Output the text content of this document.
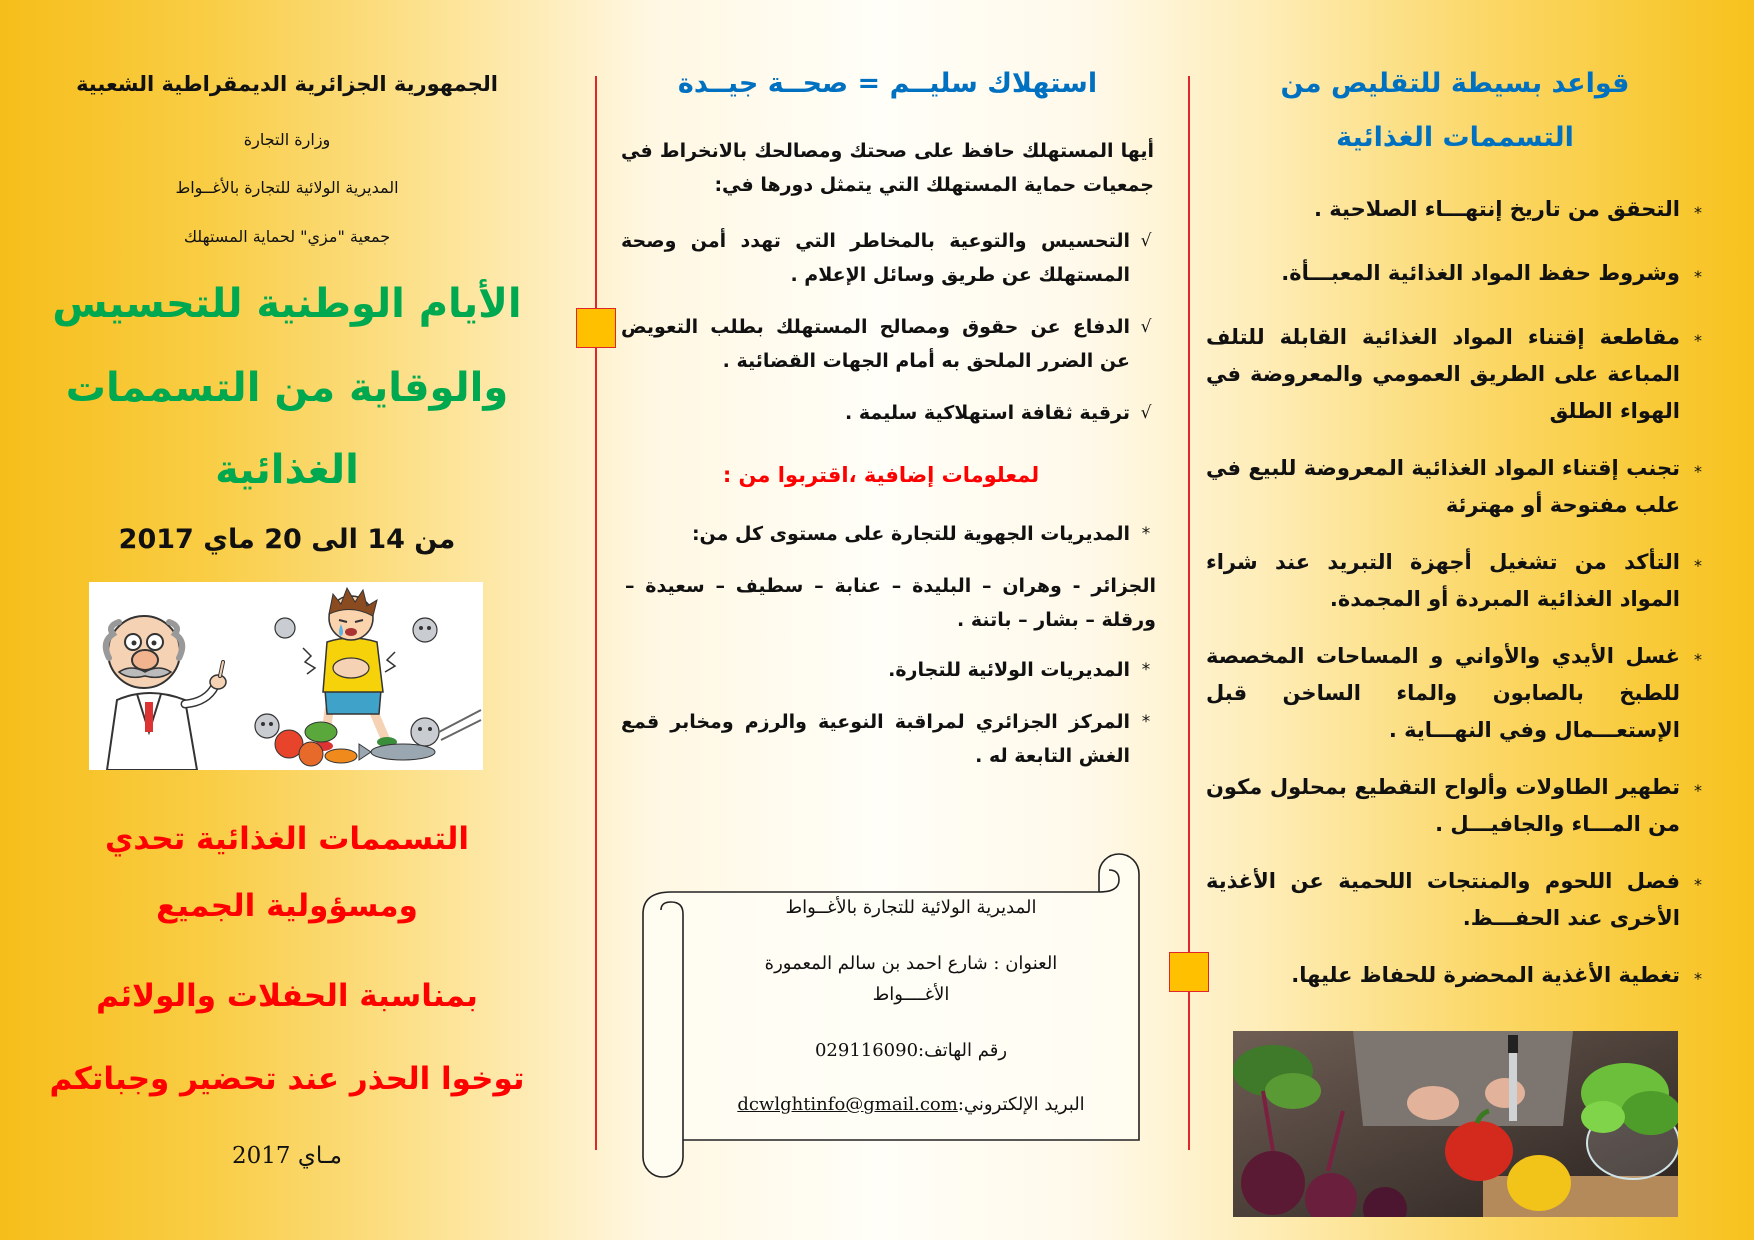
الجمهورية الجزائرية الديمقراطية الشعبية
وزارة التجارة
المديرية الولائية للتجارة بالأغــواط
جمعية "مزي" لحماية المستهلك
الأيام الوطنية للتحسيس
والوقاية من التسممات
الغذائية
من 14 الى 20 ماي 2017
التسممات الغذائية تحدي
ومسؤولية الجميع
بمناسبة الحفلات والولائم
توخوا الحذر عند تحضير وجباتكم
مـاي 2017
استهلاك سليــم = صحــة جيــدة
أيها المستهلك حافظ على صحتك ومصالحك بالانخراط في جمعيات حماية المستهلك التي يتمثل دورها في:
√
التحسيس والتوعية بالمخاطر التي تهدد أمن وصحة المستهلك عن طريق وسائل الإعلام .
√
الدفاع عن حقوق ومصالح المستهلك بطلب التعويض عن الضرر الملحق به أمام الجهات القضائية .
√
ترقية ثقافة استهلاكية سليمة .
لمعلومات إضافية ،اقتربوا من :
*
المديريات الجهوية للتجارة على مستوى كل من:
الجزائر - وهران – البليدة – عنابة – سطيف – سعيدة – ورقلة – بشار – باتنة .
*
المديريات الولائية للتجارة.
*
المركز الجزائري لمراقبة النوعية والرزم ومخابر قمع الغش التابعة له .
المديرية الولائية للتجارة بالأغــواط
العنوان : شارع احمد بن سالم المعمورة
الأغــــواط
رقم الهاتف:029116090
البريد الإلكتروني:dcwlghtinfo@gmail.com
قواعد بسيطة للتقليص من التسممات الغذائية
*
التحقق من تاريخ إنتهـــاء الصلاحية .
*
وشروط حفظ المواد الغذائية المعبـــأة.
*
مقاطعة إقتناء المواد الغذائية القابلة للتلف المباعة على الطريق العمومي والمعروضة في الهواء الطلق
*
تجنب إقتناء المواد الغذائية المعروضة للبيع في علب مفتوحة أو مهترئة
*
التأكد من تشغيل أجهزة التبريد عند شراء المواد الغذائية المبردة أو المجمدة.
*
غسل الأيدي والأواني و المساحات المخصصة للطبخ بالصابون والماء الساخن قبل الإستعـــمال وفي النهـــاية .
*
تطهير الطاولات وألواح التقطيع بمحلول مكون من المـــاء والجافيـــل .
*
فصل اللحوم والمنتجات اللحمية عن الأغذية الأخرى عند الحفـــظ.
*
تغطية الأغذية المحضرة للحفاظ عليها.
